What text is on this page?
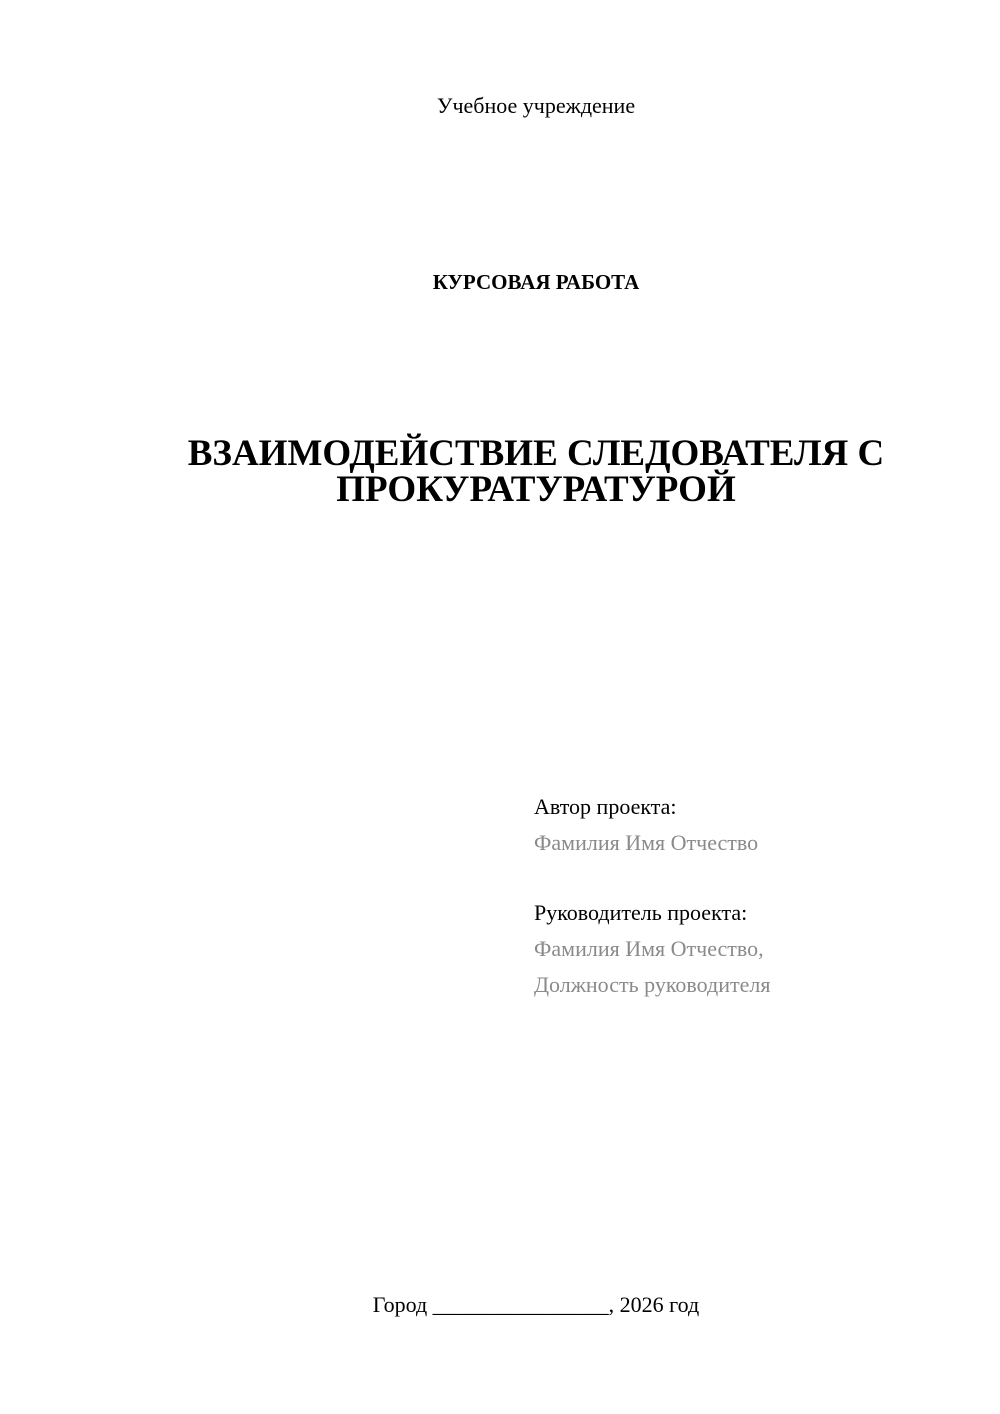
Учебное учреждение
КУРСОВАЯ РАБОТА
ВЗАИМОДЕЙСТВИЕ СЛЕДОВАТЕЛЯ С
ПРОКУРАТУРАТУРОЙ
Автор проекта:
Фамилия Имя Отчество
Руководитель проекта:
Фамилия Имя Отчество,
Должность руководителя
Город ________________, 2026 год
